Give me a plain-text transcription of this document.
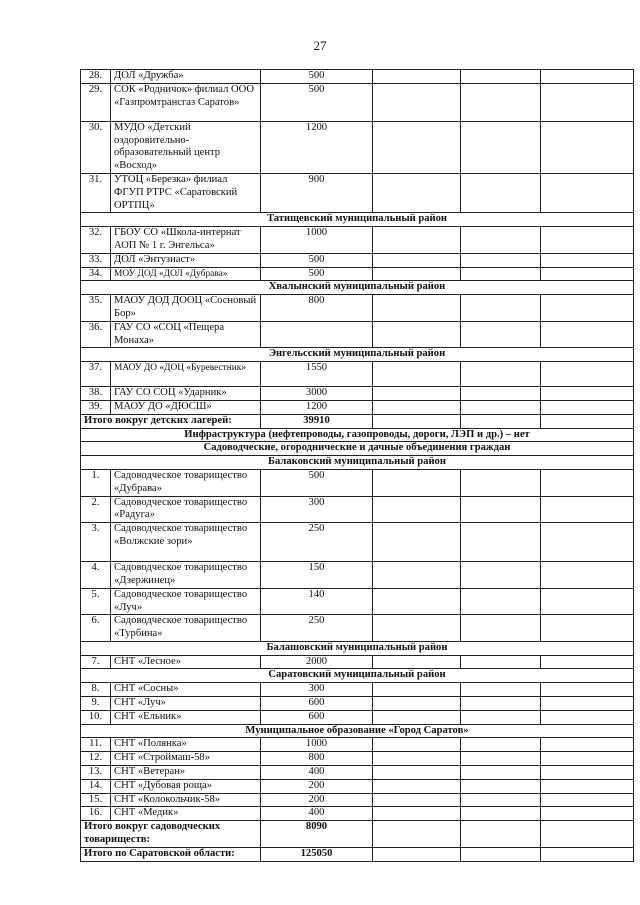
27
28.	ДОЛ «Дружба»	500			
29.	СОК «Родничок» филиал ООО «Газпромтрансгаз Саратов»	500			
30.	МУДО «Детский оздоровительно-образовательный центр «Восход»	1200			
31.	УТОЦ «Березка» филиал ФГУП РТРС «Саратовский ОРТПЦ»	900			
Татищевский муниципальный район					
32.	ГБОУ СО «Школа-интернат АОП № 1 г. Энгельса»	1000			
33.	ДОЛ «Энтузиаст»	500			
34.	МОУ ДОД «ДОЛ «Дубрава»	500			
Хвалынский муниципальный район					
35.	МАОУ ДОД ДООЦ «Сосновый Бор»	800			
36.	ГАУ СО «СОЦ «Пещера Монаха»				
Энгельсский муниципальный район					
37.	МАОУ ДО «ДОЦ «Буревестник»	1550			
38.	ГАУ СО СОЦ «Ударник»	3000			
39.	МАОУ ДО «ДЮСШ»	1200			
Итого вокруг детских лагерей:		39910			
Инфраструктура (нефтепроводы, газопроводы, дороги, ЛЭП и др.) – нет					
Садоводческие, огороднические и дачные объединения граждан					
Балаковский муниципальный район					
1.	Садоводческое товарищество «Дубрава»	500			
2.	Садоводческое товарищество «Радуга»	300			
3.	Садоводческое товарищество «Волжские зори»	250			
4.	Садоводческое товарищество «Дзержинец»	150			
5.	Садоводческое товарищество «Луч»	140			
6.	Садоводческое товарищество «Турбина»	250			
Балашовский муниципальный район					
7.	СНТ «Лесное»	2000			
Саратовский муниципальный район					
8.	СНТ «Сосны»	300			
9.	СНТ «Луч»	600			
10.	СНТ «Ельник»	600			
Муниципальное образование «Город Саратов»					
11.	СНТ «Полянка»	1000			
12.	СНТ «Строймаш-58»	800			
13.	СНТ «Ветеран»	400			
14.	СНТ «Дубовая роща»	200			
15.	СНТ «Колокольчик-58»	200			
16.	СНТ «Медик»	400			
Итого вокруг садоводческих товариществ:		8090			
Итого по Саратовской области:		125050			
